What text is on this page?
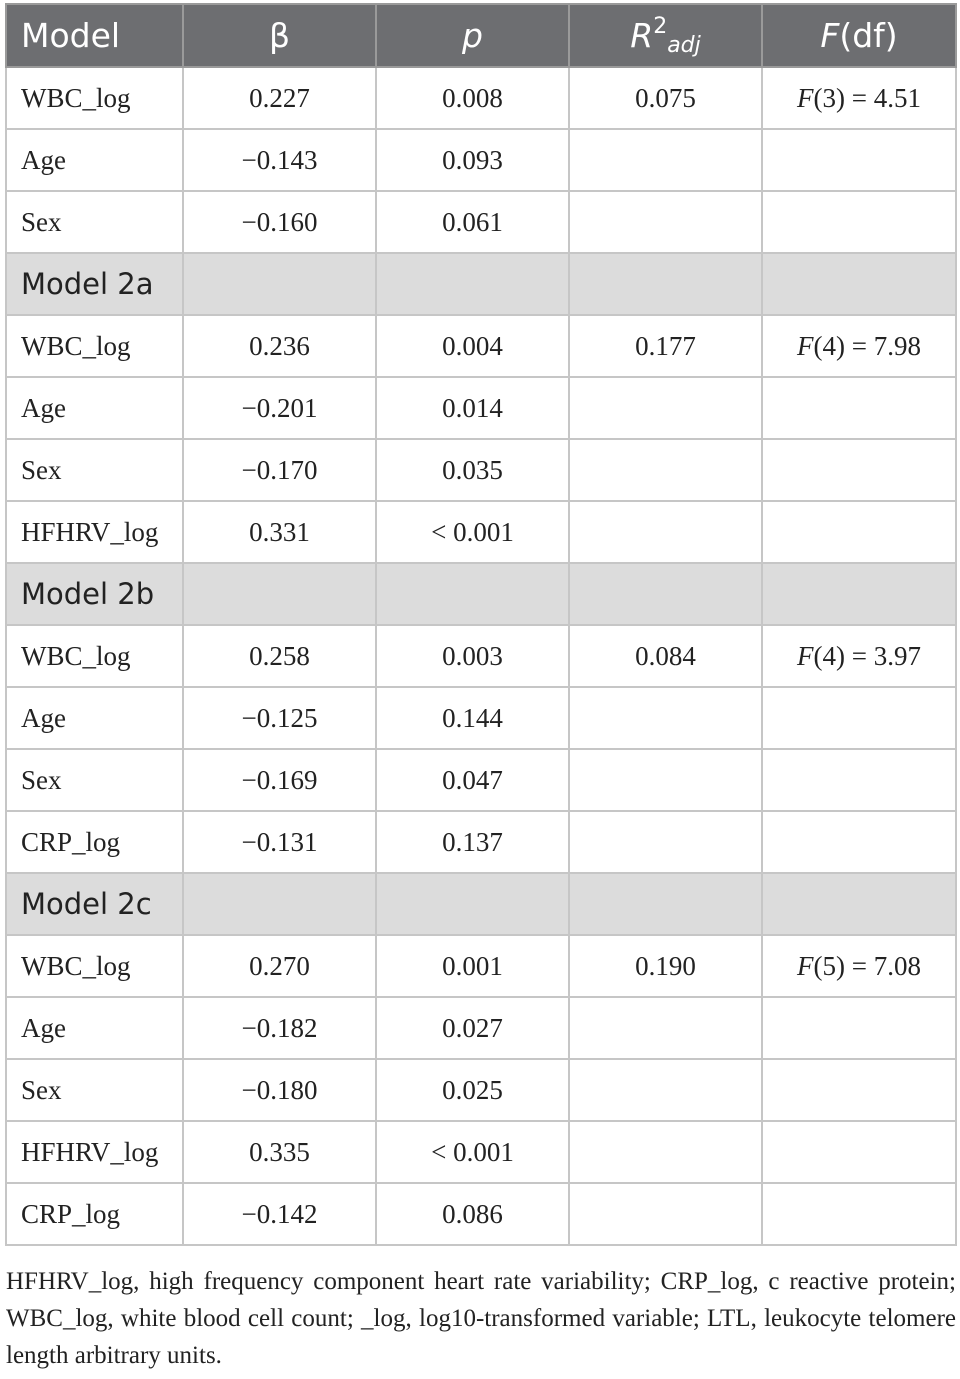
Model	β	p	$R^2_{adj}$	F(df)
WBC_log	0.227	0.008	0.075	F(3) = 4.51
Age	−0.143	0.093		
Sex	−0.160	0.061		
Model 2a				
WBC_log	0.236	0.004	0.177	F(4) = 7.98
Age	−0.201	0.014		
Sex	−0.170	0.035		
HFHRV_log	0.331	< 0.001		
Model 2b				
WBC_log	0.258	0.003	0.084	F(4) = 3.97
Age	−0.125	0.144		
Sex	−0.169	0.047		
CRP_log	−0.131	0.137		
Model 2c				
WBC_log	0.270	0.001	0.190	F(5) = 7.08
Age	−0.182	0.027		
Sex	−0.180	0.025		
HFHRV_log	0.335	< 0.001		
CRP_log	−0.142	0.086		

HFHRV_log, high frequency component heart rate variability; CRP_log, c reactive protein; WBC_log, white blood cell count; _log, log10-transformed variable; LTL, leukocyte telomere length arbitrary units.
